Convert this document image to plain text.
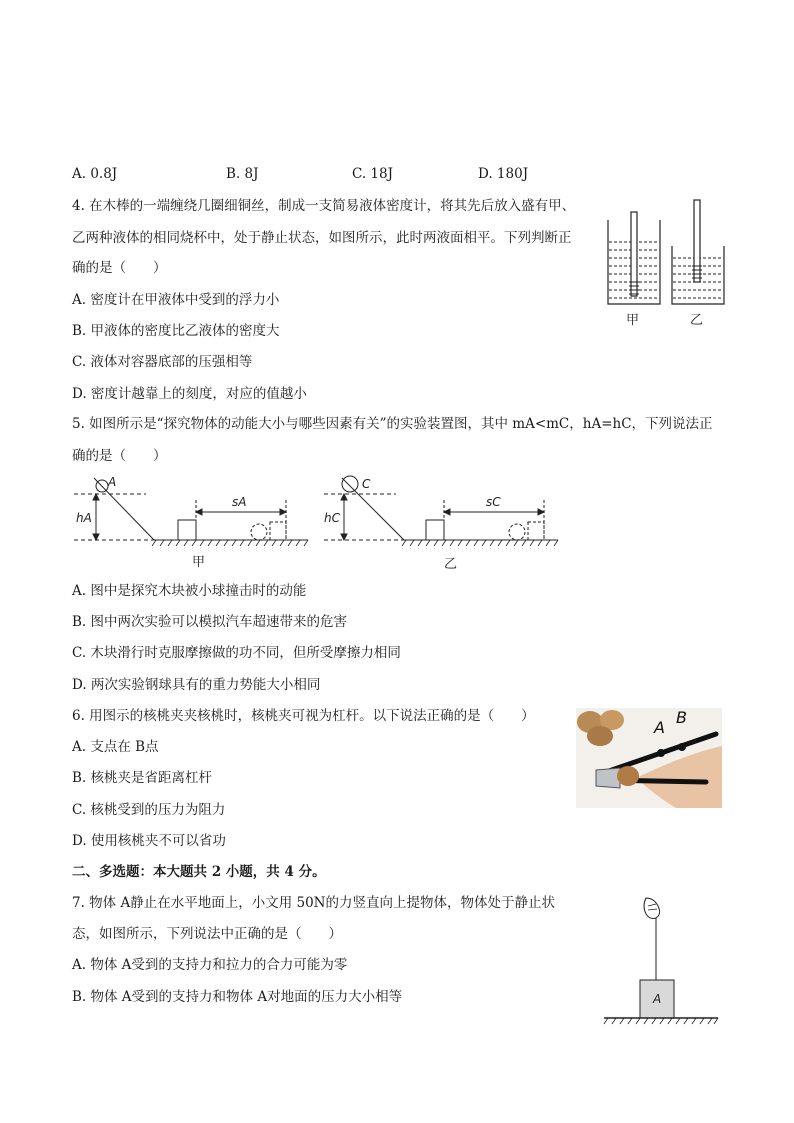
A. 0.8J	B. 8J	C. 18J	D. 180J
4. 在木棒的一端缠绕几圈细铜丝，制成一支简易液体密度计，将其先后放入盛有甲、
乙两种液体的相同烧杯中，处于静止状态，如图所示，此时两液面相平。下列判断正
确的是（　　）
A. 密度计在甲液体中受到的浮力小
B. 甲液体的密度比乙液体的密度大
C. 液体对容器底部的压强相等
D. 密度计越靠上的刻度，对应的值越小
甲	乙
5. 如图所示是“探究物体的动能大小与哪些因素有关”的实验装置图，其中 mA<mC，hA=hC，下列说法正
确的是（　　）
A
hA
sA
C
hC
sC
甲	乙
A. 图中是探究木块被小球撞击时的动能
B. 图中两次实验可以模拟汽车超速带来的危害
C. 木块滑行时克服摩擦做的功不同，但所受摩擦力相同
D. 两次实验钢球具有的重力势能大小相同
6. 用图示的核桃夹夹核桃时，核桃夹可视为杠杆。以下说法正确的是（　　）
A. 支点在 B点
B. 核桃夹是省距离杠杆
C. 核桃受到的压力为阻力
D. 使用核桃夹不可以省功
A
B
二、多选题：本大题共 2 小题，共 4 分。
7. 物体 A静止在水平地面上，小文用 50N的力竖直向上提物体，物体处于静止状
态，如图所示，下列说法中正确的是（　　）
A. 物体 A受到的支持力和拉力的合力可能为零
B. 物体 A受到的支持力和物体 A对地面的压力大小相等	A
